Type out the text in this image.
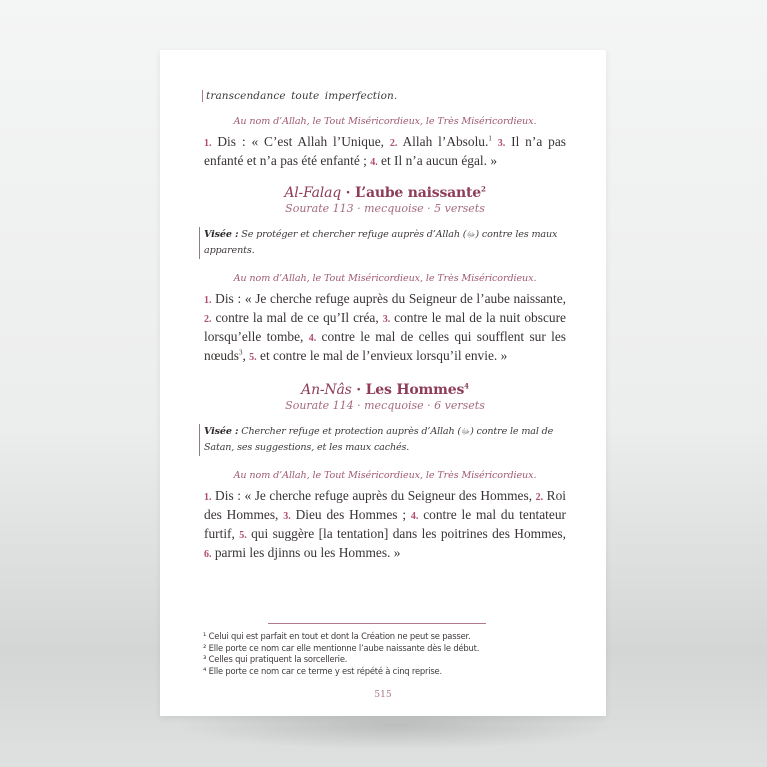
transcendance toute imperfection.
Au nom d’Allah, le Tout Miséricordieux, le Très Miséricordieux.
1. Dis : « C’est Allah l’Unique, 2. Allah l’Absolu.$^1$ 3. Il n’a pas enfanté et n’a pas été enfanté ; 4. et Il n’a aucun égal. »
Al-Falaq · L’aube naissante$^2$
Sourate 113 · mecquoise · 5 versets
Visée : Se protéger et chercher refuge auprès d’Allah (ﷻ) contre les maux apparents.
Au nom d’Allah, le Tout Miséricordieux, le Très Miséricordieux.
1. Dis : « Je cherche refuge auprès du Seigneur de l’aube naissante, 2. contre la mal de ce qu’Il créa, 3. contre le mal de la nuit obscure lorsqu’elle tombe, 4. contre le mal de celles qui soufflent sur les nœuds$^3$, 5. et contre le mal de l’envieux lorsqu’il envie. »
An-Nâs · Les Hommes$^4$
Sourate 114 · mecquoise · 6 versets
Visée : Chercher refuge et protection auprès d’Allah (ﷻ) contre le mal de Satan, ses suggestions, et les maux cachés.
Au nom d’Allah, le Tout Miséricordieux, le Très Miséricordieux.
1. Dis : « Je cherche refuge auprès du Seigneur des Hommes, 2. Roi des Hommes, 3. Dieu des Hommes ; 4. contre le mal du tentateur furtif, 5. qui suggère [la tentation] dans les poitrines des Hommes, 6. parmi les djinns ou les Hommes. »
¹ Celui qui est parfait en tout et dont la Création ne peut se passer.
² Elle porte ce nom car elle mentionne l’aube naissante dès le début.
³ Celles qui pratiquent la sorcellerie.
⁴ Elle porte ce nom car ce terme y est répété à cinq reprise.
515
